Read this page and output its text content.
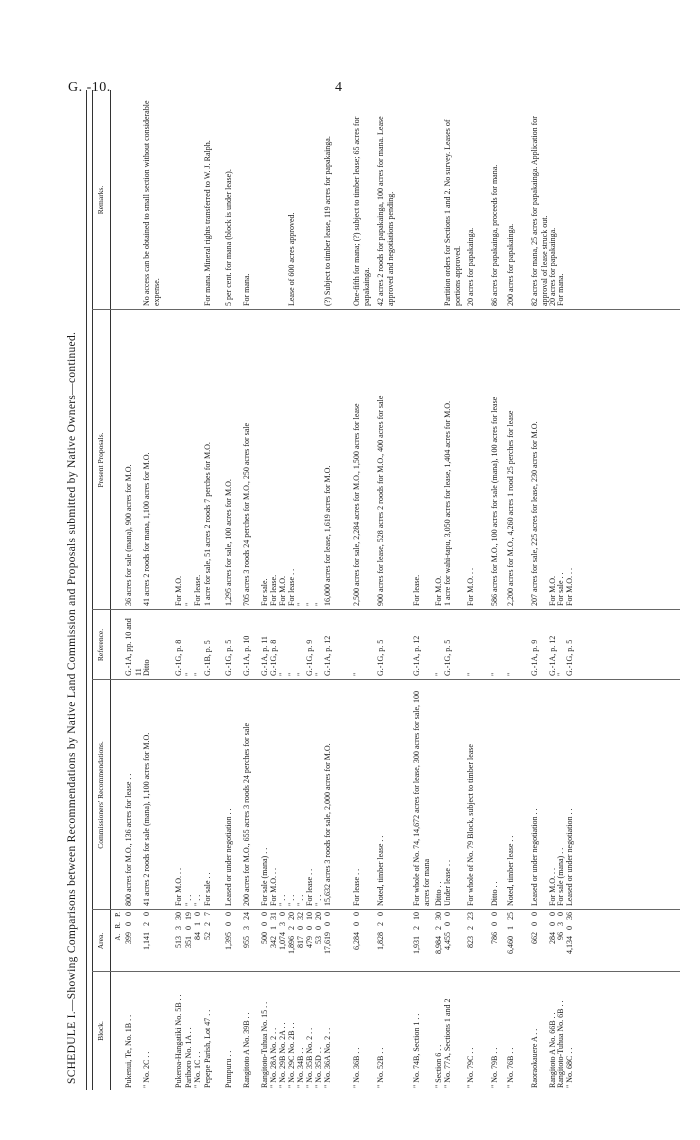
G. -10.	4
SCHEDULE I.—Showing Comparisons between Recommendations by Native Land Commission and Proposals submitted by Native Owners—continued. Block.
Area.
Commissioners' Recommendations.
Reference.
Present Proposals.
Remarks.
A.   R.   P.
Pukenui, Te, No. 1B . .
399   0   0
800 acres for M.O., 136 acres for lease . .
G.-1A, pp. 10 and 11
36 acres for sale (mana), 900 acres for M.O.
" No. 2C . .
1,141   2   0
41 acres 2 roods for sale (mana), 1,100 acres for M.O.
Ditto
41 acres 2 roods for mana, 1,100 acres for M.O.
No access can be obtained to small section without considerable expense.
Pukeroa-Hangatiki No. 5B . .
513   3   30
For M.O. . .
G.-1G, p. 8
For M.O.
Parihoro No. 1A . .
351   0   19
" . .
"
"
" No. 1C . .
84   1   0
" . .
"
For lease.
Pepepe Parish, Lot 47 . .
52   2   7
For sale . .
G.-1B, p. 5
1 acre for sale, 51 acres 2 roods 7 perches for M.O.
For mana. Mineral rights transferred to W. J. Ralph.
Pumpuru . .
1,395   0   0
Leased or under negotiation . .
G.-1G, p. 5
1,295 acres for sale, 100 acres for M.O.
5 per cent. for mana (block is under lease).
Rangitoto A No. 39B . .
955   3   24
200 acres for M.O., 655 acres 3 roods 24 perches for sale
G.-1A, p. 10
705 acres 3 roods 24 perches for M.O., 250 acres for sale
For mana.
Rangitoto-Tuhua No. 15 . .
500   0   0
For sale (mana) . .
G.-1A, p. 11
For sale.
" No. 28A No. 2 . .
342   1   31
For M.O. . .
G.-1G, p. 8
For lease.
" No. 29B No. 2A . .
1,074   3   0
" . .
"
For M.O.
" No. 29C No. 2B . .
1,896   2   20
" . .
"
For lease . .
Lease of 600 acres approved.
" No. 34B . .
817   0   32
" . .
"
"
" No. 35B No. 2 . .
479   0   10
For lease . .
G.-1G, p. 9
"
" No. 35D . .
53   0   20
" . .
"
"
" No. 36A No. 2 . .
17,619   0   0
15,632 acres 3 roods for sale, 2,000 acres for M.O.
G.-1A, p. 12
16,000 acres for lease, 1,619 acres for M.O.
(?) Subject to timber lease, 119 acres for papakainga.
" No. 36B . .
6,284   0   0
For lease . .
"
2,500 acres for sale, 2,284 acres for M.O., 1,500 acres for lease
One-fifth for mana; (?) subject to timber lease; 65 acres for papakainga.
" No. 52B . .
1,828   2   0
Noted, timber lease . .
G.-1G, p. 5
900 acres for lease, 528 acres 2 roods for M.O., 400 acres for sale
42 acres 2 roods for papakainga, 100 acres for mana. Lease approved and negotiations pending.
" No. 74B, Section 1 . .
1,931   2   10
For whole of No. 74, 14,672 acres for lease, 300 acres for sale, 100 acres for mana
G.-1A, p. 12
For lease.
" Section 6 . .
8,984   2   30
Ditto . .
"
For M.O.
" No. 77A, Sections 1 and 2
4,455   0   0
Under lease . .
G.-1G, p. 5
1 acre for wahi-tapu, 3,050 acres for lease, 1,404 acres for M.O.
Partition orders for Sections 1 and 2. No survey. Leases of portions approved.
" No. 79C . .
823   2   23
For whole of No. 79 Block, subject to timber lease
"
For M.O. . .
20 acres for papakainga.
" No. 79B . .
786   0   0
Ditto . .
"
586 acres for M.O., 100 acres for sale (mana), 100 acres for lease
86 acres for papakainga, proceeds for mana.
" No. 76B . .
6,460   1   25
Noted, timber lease . .
"
2,200 acres for M.O., 4,260 acres 1 rood 25 perches for lease
200 acres for papakainga.
Raoraokauere A . .
662   0   0
Leased or under negotiation . .
G.-1A, p. 9
207 acres for sale, 225 acres for lease, 230 acres for M.O.
82 acres for mana, 25 acres for papakainga. Application for approval of lease struck out.
Rangitoto A No. 66B . .
284   0   0
For M.O. . .
G.-1A, p. 12
For M.O.
20 acres for papakainga.
Rangitoto-Tuhua No. 6B . .
96   3   0
For sale (mana) . .
"
For sale . .
For mana.
" No. 68C . .
4,134   0   36
Leased or under negotiation . .
G.-1G, p. 5
For M.O. . .
